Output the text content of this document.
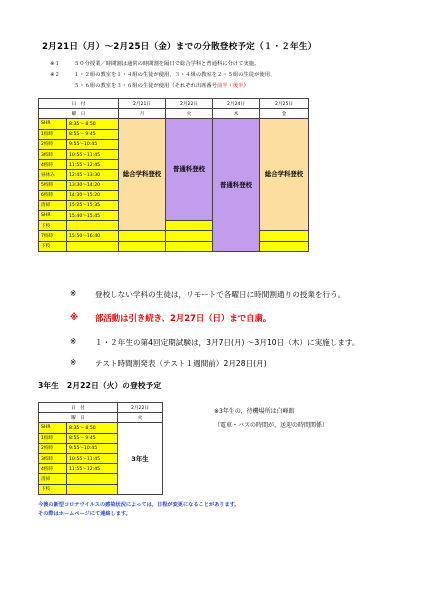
2月21日（月）～2月25日（金）までの分散登校予定（１・２年生）
※１	５０分授業／時間割は通常の時間割を隔日で総合学科と普通科に分けて実施。
※２	１・２組の教室を１・４組の生徒が使用、３・４組の教室を２・５組の生徒が使用、
５・６組の教室を３・６組の生徒が使用（それぞれ出席番号前半・後半）
日　付		2月21日	2月22日	2月24日	2月25日
曜　日		月	火	木	金
SHR	8:35～ 8:50	総合学科登校	普通科登校	普通科登校	総合学科登校
1校時	8:55～ 9:45				
2校時	9:55～10:45				
3校時	10:55～11:45				
4校時	11:55～12:45				
昼休み	12:45～13:30				
5校時	13:30～14:20				
6校時	14:30～15:20				
清掃	15:25～15:35				
SHR	15:40～15:45				
下校					
7校時	15:50～16:40				
下校					
※ 登校しない学科の生徒は，リモートで各曜日に時間割通りの授業を行う。
※ 部活動は引き続き、2月27日（日）まで自粛。
※ １・２年生の第4回定期試験は，3月7日(月) ～3月10日（木）に実施します。
※ テスト時間割発表（テスト１週間前）2月28日(月)
3年生　2月22日（火）の登校予定
日　付		2月22日
曜　日		火
SHR	8:35～ 8:50	3年生
1校時	8:55～ 9:45	
2校時	9:55～10:45	
3校時	10:55～11:45	
4校時	11:55～12:45	
清掃		
下校		
※3年生の，待機場所は白峰館
（電車・バスの時間が、送迎の時間関係）
今後の新型コロナウイルスの感染状況によっては，日程が変更になることがあります。
その際はホームページにて連絡します。
